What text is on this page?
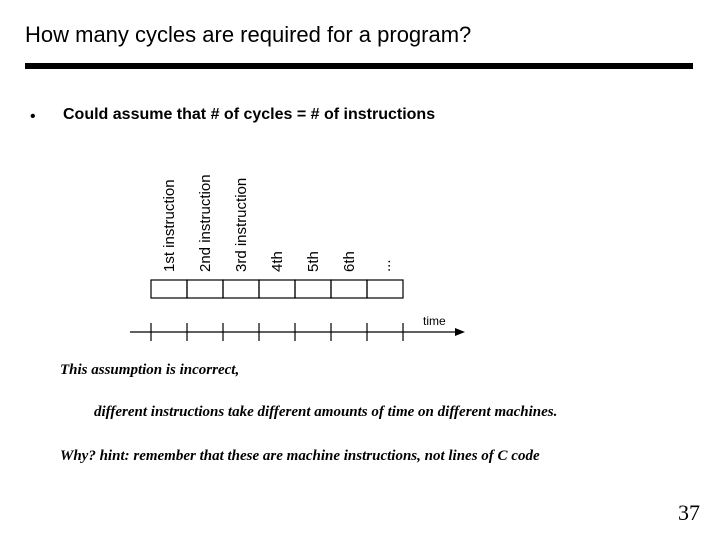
How many cycles are required for a program?
• Could assume that # of cycles = # of instructions
1st instruction 2nd instruction 3rd instruction 4th 5th 6th ...
time
This assumption is incorrect,
different instructions take different amounts of time on different machines.
Why? hint: remember that these are machine instructions, not lines of C code
37
